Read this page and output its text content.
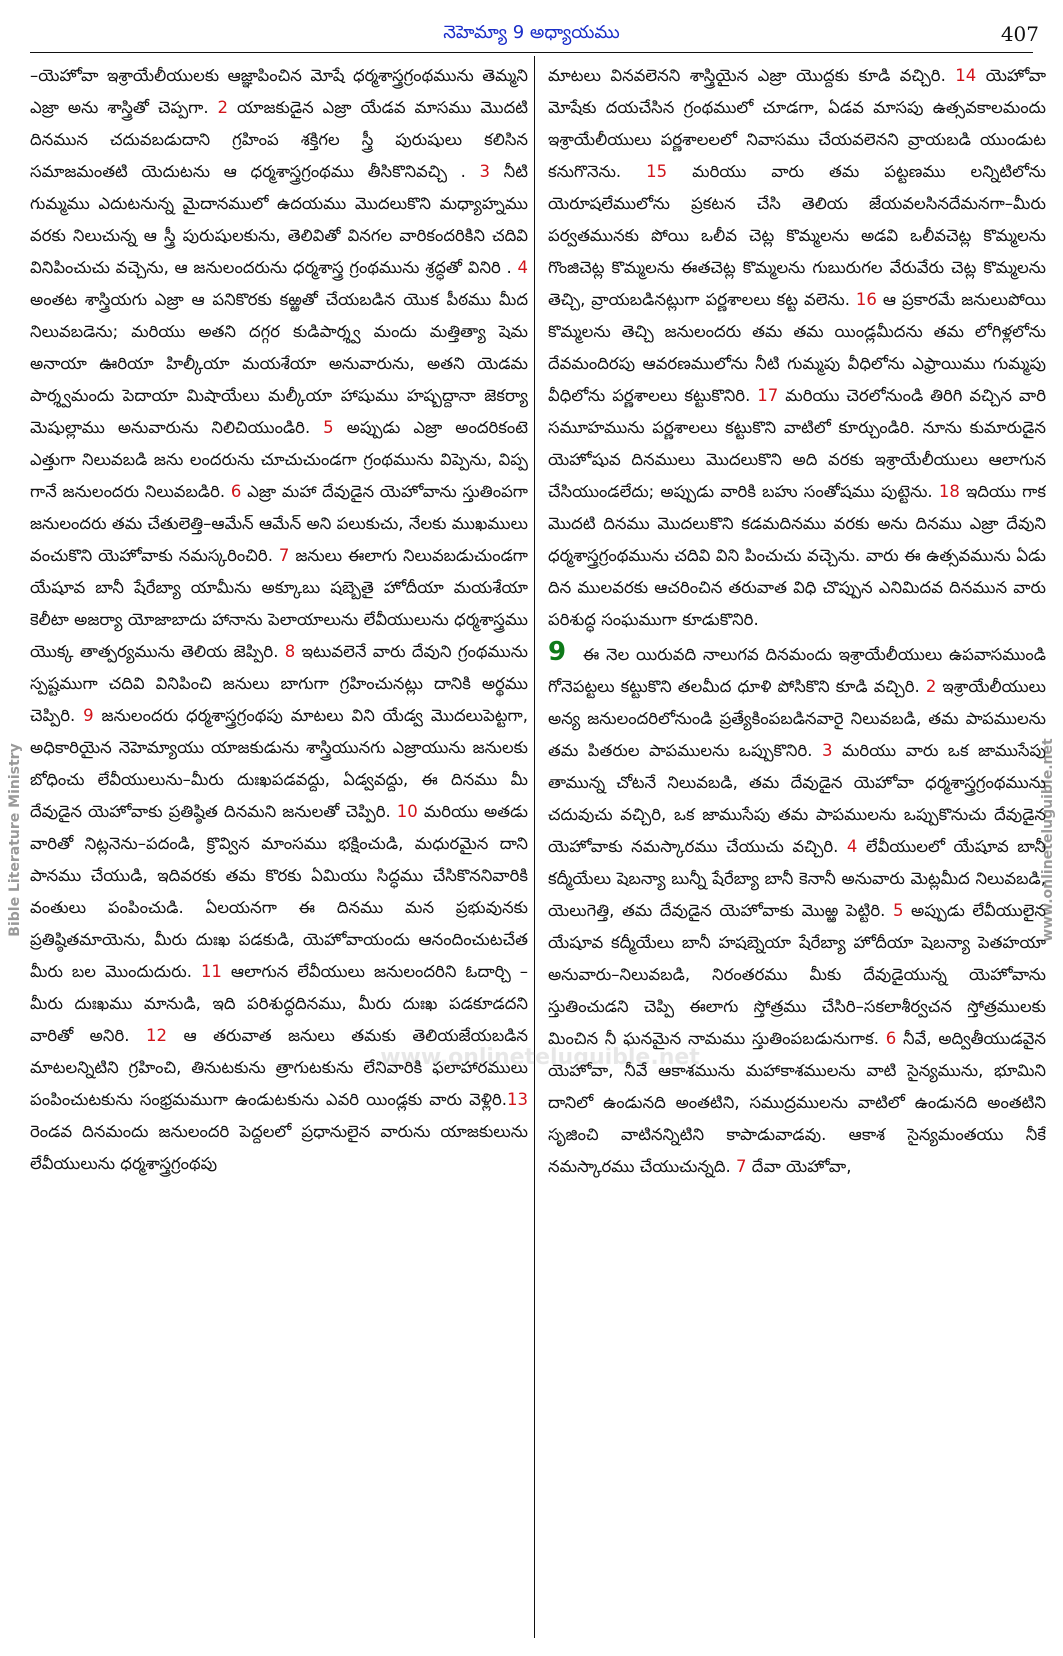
నెహెమ్యా 9 అధ్యాయము	407
Bible Literature Ministry	www.onlineteluguible.net
www.onlineteluguible.net

–యెహోవా ఇశ్రాయేలీయులకు ఆజ్ఞాపించిన మోషే ధర్మశాస్త్రగ్రంథమును తెమ్మని ఎజ్రా అను శాస్త్రితో చెప్పగా. 2 యాజకుడైన ఎజ్రా యేడవ మాసము మొదటి దినమున చదువబడుదాని గ్రహింప శక్తిగల స్త్రీ పురుషులు కలిసిన సమాజమంతటి యెదుటను ఆ ధర్మశాస్త్రగ్రంథము తీసికొనివచ్చి . 3 నీటి గుమ్మము ఎదుటనున్న మైదానములో ఉదయము మొదలుకొని మధ్యాహ్నము వరకు నిలుచున్న ఆ స్త్రీ పురుషులకును, తెలివితో వినగల వారికందరికిని చదివి వినిపించుచు వచ్చెను, ఆ జనులందరును ధర్మశాస్త్ర గ్రంథమును శ్రద్ధతో వినిరి . 4 అంతట శాస్త్రియగు ఎజ్రా ఆ పనికొరకు కఱ్ఱతో చేయబడిన యొక పీఠము మీద నిలువబడెను; మరియు అతని దగ్గర కుడిపార్శ్వ మందు మత్తిత్యా షెమ అనాయా ఊరియా హిల్కీయా మయశేయా అనువారును, అతని యెడమ పార్శ్వమందు పెదాయా మిషాయేలు మల్కీయా హాషుము హష్బద్దానా జెకర్యా మెషుల్లాము అనువారును నిలిచియుండిరి. 5 అప్పుడు ఎజ్రా అందరికంటె ఎత్తుగా నిలువబడి జను లందరును చూచుచుండగా గ్రంథమును విప్పెను, విప్ప గానే జనులందరు నిలువబడిరి. 6 ఎజ్రా మహా దేవుడైన యెహోవాను స్తుతింపగా జనులందరు తమ చేతులెత్తి–ఆమేన్ ఆమేన్ అని పలుకుచు, నేలకు ముఖములు వంచుకొని యెహోవాకు నమస్కరించిరి. 7 జనులు ఈలాగు నిలువబడుచుండగా యేషూవ బానీ షేరేబ్యా యామీను అక్కూబు షబ్బెతై హోదీయా మయశేయా కెలీటా అజర్యా యోజాబాదు హానాను పెలాయాలును లేవీయులును ధర్మశాస్త్రము యొక్క తాత్పర్యమును తెలియ జెప్పిరి. 8 ఇటువలెనే వారు దేవుని గ్రంథమును స్పష్టముగా చదివి వినిపించి జనులు బాగుగా గ్రహించునట్లు దానికి అర్థము చెప్పిరి. 9 జనులందరు ధర్మశాస్త్రగ్రంథపు మాటలు విని యేడ్వ మొదలుపెట్టగా, అధికారియైన నెహెమ్యాయు యాజకుడును శాస్త్రియునగు ఎజ్రాయును జనులకు బోధించు లేవీయులును–మీరు దుఃఖపడవద్దు, ఏడ్వవద్దు, ఈ దినము మీ దేవుడైన యెహోవాకు ప్రతిష్ఠిత దినమని జనులతో చెప్పిరి. 10 మరియు అతడు వారితో నిట్లనెను–పదండి, క్రొవ్విన మాంసము భక్షించుడి, మధురమైన దాని పానము చేయుడి, ఇదివరకు తమ కొరకు ఏమియు సిద్ధము చేసికొననివారికి వంతులు పంపించుడి. ఏలయనగా ఈ దినము మన ప్రభువునకు ప్రతిష్ఠితమాయెను, మీరు దుఃఖ పడకుడి, యెహోవాయందు ఆనందించుటచేత మీరు బల మొందుదురు. 11 ఆలాగున లేవీయులు జనులందరిని ఓదార్చి –మీరు దుఃఖము మానుడి, ఇది పరిశుద్ధదినము, మీరు దుఃఖ పడకూడదని వారితో అనిరి. 12 ఆ తరువాత జనులు తమకు తెలియజేయబడిన మాటలన్నిటిని గ్రహించి, తినుటకును త్రాగుటకును లేనివారికి ఫలాహారములు పంపించుటకును సంభ్రమముగా ఉండుటకును ఎవరి యిండ్లకు వారు వెళ్లిరి.13 రెండవ దినమందు జనులందరి పెద్దలలో ప్రధానులైన వారును యాజకులును లేవీయులును ధర్మశాస్త్రగ్రంథపు

మాటలు వినవలెనని శాస్త్రియైన ఎజ్రా యొద్దకు కూడి వచ్చిరి. 14 యెహోవా మోషేకు దయచేసిన గ్రంథములో చూడగా, ఏడవ మాసపు ఉత్సవకాలమందు ఇశ్రాయేలీయులు పర్ణశాలలలో నివాసము చేయవలెనని వ్రాయబడి యుండుట కనుగొనెను. 15 మరియు వారు తమ పట్టణము లన్నిటిలోను యెరూషలేములోను ప్రకటన చేసి తెలియ జేయవలసినదేమనగా–మీరు పర్వతమునకు పోయి ఒలీవ చెట్ల కొమ్మలను అడవి ఒలీవచెట్ల కొమ్మలను గొంజిచెట్ల కొమ్మలను ఈతచెట్ల కొమ్మలను గుబురుగల వేరువేరు చెట్ల కొమ్మలను తెచ్చి, వ్రాయబడినట్లుగా పర్ణశాలలు కట్ట వలెను. 16 ఆ ప్రకారమే జనులుపోయి కొమ్మలను తెచ్చి జనులందరు తమ తమ యిండ్లమీదను తమ లోగిళ్లలోను దేవమందిరపు ఆవరణములోను నీటి గుమ్మపు వీధిలోను ఎఫ్రాయిము గుమ్మపు వీధిలోను పర్ణశాలలు కట్టుకొనిరి. 17 మరియు చెరలోనుండి తిరిగి వచ్చిన వారి సమూహమును పర్ణశాలలు కట్టుకొని వాటిలో కూర్చుండిరి. నూను కుమారుడైన యెహోషువ దినములు మొదలుకొని అది వరకు ఇశ్రాయేలీయులు ఆలాగున చేసియుండలేదు; అప్పుడు వారికి బహు సంతోషము పుట్టెను. 18 ఇదియు గాక మొదటి దినము మొదలుకొని కడమదినము వరకు అను దినము ఎజ్రా దేవుని ధర్మశాస్త్రగ్రంథమును చదివి విని పించుచు వచ్చెను. వారు ఈ ఉత్సవమును ఏడు దిన ములవరకు ఆచరించిన తరువాత విధి చొప్పున ఎనిమిదవ దినమున వారు పరిశుద్ధ సంఘముగా కూడుకొనిరి.

9 ఈ నెల యిరువది నాలుగవ దినమందు ఇశ్రాయేలీయులు ఉపవాసముండి గోనెపట్టలు కట్టుకొని తలమీద ధూళి పోసికొని కూడి వచ్చిరి. 2 ఇశ్రాయేలీయులు అన్య జనులందరిలోనుండి ప్రత్యేకింపబడినవారై నిలువబడి, తమ పాపములను తమ పితరుల పాపములను ఒప్పుకొనిరి. 3 మరియు వారు ఒక జాముసేపు తామున్న చోటనే నిలువబడి, తమ దేవుడైన యెహోవా ధర్మశాస్త్రగ్రంథమును చదువుచు వచ్చిరి, ఒక జాముసేపు తమ పాపములను ఒప్పుకొనుచు దేవుడైన యెహోవాకు నమస్కారము చేయుచు వచ్చిరి. 4 లేవీయులలో యేషూవ బానీ కద్మీయేలు షెబన్యా బున్నీ షేరేబ్యా బానీ కెనానీ అనువారు మెట్లమీద నిలువబడి, యెలుగెత్తి, తమ దేవుడైన యెహోవాకు మొఱ్ఱ పెట్టిరి. 5 అప్పుడు లేవీయులైన యేషూవ కద్మీయేలు బానీ హషబ్నెయా షేరేబ్యా హోదీయా షెబన్యా పెతహయా అనువారు–నిలువబడి, నిరంతరము మీకు దేవుడైయున్న యెహోవాను స్తుతించుడని చెప్పి ఈలాగు స్తోత్రము చేసిరి–సకలాశీర్వచన స్తోత్రములకు మించిన నీ ఘనమైన నామము స్తుతింపబడునుగాక. 6 నీవే, అద్వితీయుడవైన యెహోవా, నీవే ఆకాశమును మహాకాశములను వాటి సైన్యమును, భూమిని దానిలో ఉండునది అంతటిని, సముద్రములను వాటిలో ఉండునది అంతటిని సృజించి వాటినన్నిటిని కాపాడువాడవు. ఆకాశ సైన్యమంతయు నీకే నమస్కారము చేయుచున్నది. 7 దేవా యెహోవా,
